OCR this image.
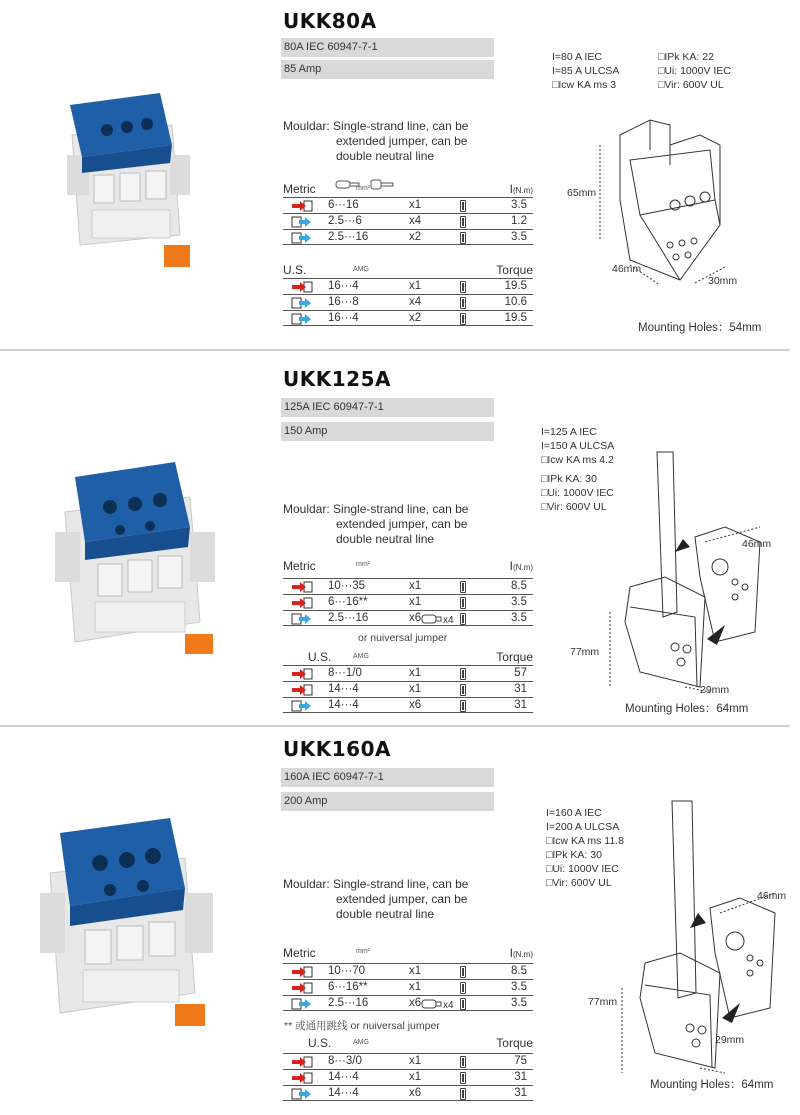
UKK80A
80A IEC 60947-7-1
85 Amp
I=80 A IEC
I=85 A ULCSA
□Icw KA ms 3
□IPk KA: 22
□Ui: 1000V IEC
□Vir: 600V UL
Mouldar: Single-strand line, can be
extended jumper, can be
double neutral line
Metric	mm²	I(N.m)
6···16	x1	3.5
2.5···6	x4	1.2
2.5···16	x2	3.5
U.S.	AMG	Torque
16···4	x1	19.5
16···8	x4	10.6
16···4	x2	19.5
65mm
46mm
30mm
Mounting Holes：54mm
UKK125A
125A IEC 60947-7-1
150 Amp	I=125 A IEC
I=150 A ULCSA
□Icw KA ms 4.2
□IPk KA: 30
□Ui: 1000V IEC
□Vir: 600V UL
Mouldar: Single-strand line, can be
extended jumper, can be
double neutral line
Metric	mm²	I(N.m)
10···35	x1	8.5
6···16**	x1	3.5
2.5···16	x6 x4	3.5
or nuiversal jumper
U.S.	AMG	Torque
8···1/0	x1	57
14···4	x1	31
14···4	x6	31
77mm
46mm
29mm
Mounting Holes：64mm
UKK160A
160A IEC 60947-7-1
200 Amp
I=160 A IEC
I=200 A ULCSA
□Icw KA ms 11.8
□IPk KA: 30
□Ui: 1000V IEC
□Vir: 600V UL
Mouldar: Single-strand line, can be
extended jumper, can be
double neutral line
Metric	mm²	I(N.m)
10···70	x1	8.5
6···16**	x1	3.5
2.5···16	x6 x4	3.5
** 或通用跳线 or nuiversal jumper
U.S.	AMG	Torque
8···3/0	x1	75
14···4	x1	31
14···4	x6	31
77mm
46mm
29mm
Mounting Holes：64mm
